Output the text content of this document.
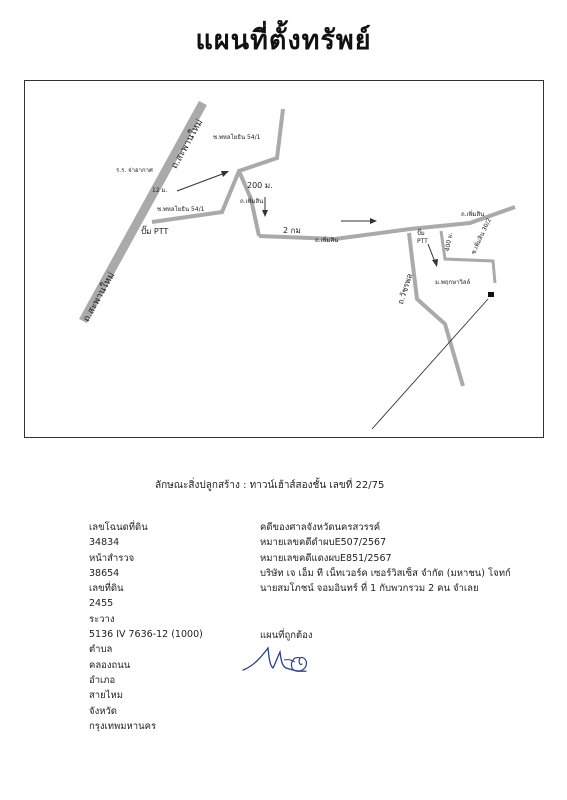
แผนที่ตั้งทรัพย์
ถ.สะพานใหม่
ถ.สะพานใหม่ ซ.พหลโยธิน 54/1
ซ.พหลโยธิน 54/1
ร.ร. จ่าอากาศ
12 ม.
200 ม.
ถ.เพิ่มสิน
ปั๊ม PTT	2 กม
ถ.เพิ่มสิน
ถ.เพิ่มสิน
ปั๊ม
PTT
ถ.วัชรพล
ซ.เพิ่มสิน 30/2
400 ม.
ม.พฤกษาวิลล์
ลักษณะสิ่งปลูกสร้าง : ทาวน์เฮ้าส์สองชั้น เลขที่ 22/75
เลขโฉนดที่ดิน
34834
หน้าสำรวจ
38654
เลขที่ดิน
2455
ระวาง
5136 IV 7636-12 (1000)
ตำบล
คลองถนน
อำเภอ
สายไหม
จังหวัด
กรุงเทพมหานคร
คดีของศาลจังหวัดนครสวรรค์
หมายเลขคดีดำผบE507/2567
หมายเลขคดีแดงผบE851/2567
บริษัท เจ เอ็ม ที เน็ทเวอร์ค เซอร์วิสเซ็ส จำกัด (มหาชน) โจทก์
นายสมโภชน์ จอมอินทร์ ที่ 1 กับพวกรวม 2 คน จำเลย
แผนที่ถูกต้อง
